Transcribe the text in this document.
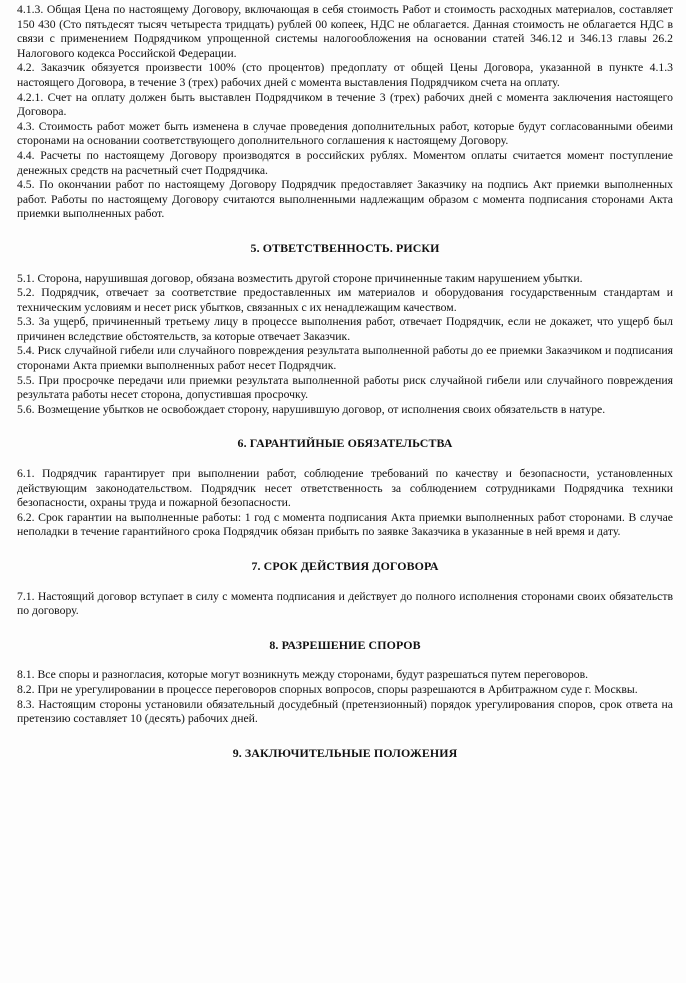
4.1.3. Общая Цена по настоящему Договору, включающая в себя стоимость Работ и стоимость расходных материалов, составляет 150 430 (Сто пятьдесят тысяч четыреста тридцать) рублей 00 копеек, НДС не облагается. Данная стоимость не облагается НДС в связи с применением Подрядчиком упрощенной системы налогообложения на основании статей 346.12 и 346.13 главы 26.2 Налогового кодекса Российской Федерации.

4.2. Заказчик обязуется произвести 100% (сто процентов) предоплату от общей Цены Договора, указанной в пункте 4.1.3 настоящего Договора, в течение 3 (трех) рабочих дней с момента выставления Подрядчиком счета на оплату.

4.2.1. Счет на оплату должен быть выставлен Подрядчиком в течение 3 (трех) рабочих дней с момента заключения настоящего Договора.

4.3. Стоимость работ может быть изменена в случае проведения дополнительных работ, которые будут согласованными обеими сторонами на основании соответствующего дополнительного соглашения к настоящему Договору.

4.4. Расчеты по настоящему Договору производятся в российских рублях. Моментом оплаты считается момент поступление денежных средств на расчетный счет Подрядчика.

4.5. По окончании работ по настоящему Договору Подрядчик предоставляет Заказчику на подпись Акт приемки выполненных работ. Работы по настоящему Договору считаются выполненными надлежащим образом с момента подписания сторонами Акта приемки выполненных работ.

5. ОТВЕТСТВЕННОСТЬ. РИСКИ

5.1. Сторона, нарушившая договор, обязана возместить другой стороне причиненные таким нарушением убытки.

5.2. Подрядчик, отвечает за соответствие предоставленных им материалов и оборудования государственным стандартам и техническим условиям и несет риск убытков, связанных с их ненадлежащим качеством.

5.3. За ущерб, причиненный третьему лицу в процессе выполнения работ, отвечает Подрядчик, если не докажет, что ущерб был причинен вследствие обстоятельств, за которые отвечает Заказчик.

5.4. Риск случайной гибели или случайного повреждения результата выполненной работы до ее приемки Заказчиком и подписания сторонами Акта приемки выполненных работ несет Подрядчик.

5.5. При просрочке передачи или приемки результата выполненной работы риск случайной гибели или случайного повреждения результата работы несет сторона, допустившая просрочку.

5.6. Возмещение убытков не освобождает сторону, нарушившую договор, от исполнения своих обязательств в натуре.

6. ГАРАНТИЙНЫЕ ОБЯЗАТЕЛЬСТВА

6.1. Подрядчик гарантирует при выполнении работ, соблюдение требований по качеству и безопасности, установленных действующим законодательством. Подрядчик несет ответственность за соблюдением сотрудниками Подрядчика техники безопасности, охраны труда и пожарной безопасности.

6.2. Срок гарантии на выполненные работы: 1 год с момента подписания Акта приемки выполненных работ сторонами. В случае неполадки в течение гарантийного срока Подрядчик обязан прибыть по заявке Заказчика в указанные в ней время и дату.

7. СРОК ДЕЙСТВИЯ ДОГОВОРА

7.1. Настоящий договор вступает в силу с момента подписания и действует до полного исполнения сторонами своих обязательств по договору.

8. РАЗРЕШЕНИЕ СПОРОВ

8.1. Все споры и разногласия, которые могут возникнуть между сторонами, будут разрешаться путем переговоров.

8.2. При не урегулировании в процессе переговоров спорных вопросов, споры разрешаются в Арбитражном суде г. Москвы.

8.3. Настоящим стороны установили обязательный досудебный (претензионный) порядок урегулирования споров, срок ответа на претензию составляет 10 (десять) рабочих дней.

9. ЗАКЛЮЧИТЕЛЬНЫЕ ПОЛОЖЕНИЯ
